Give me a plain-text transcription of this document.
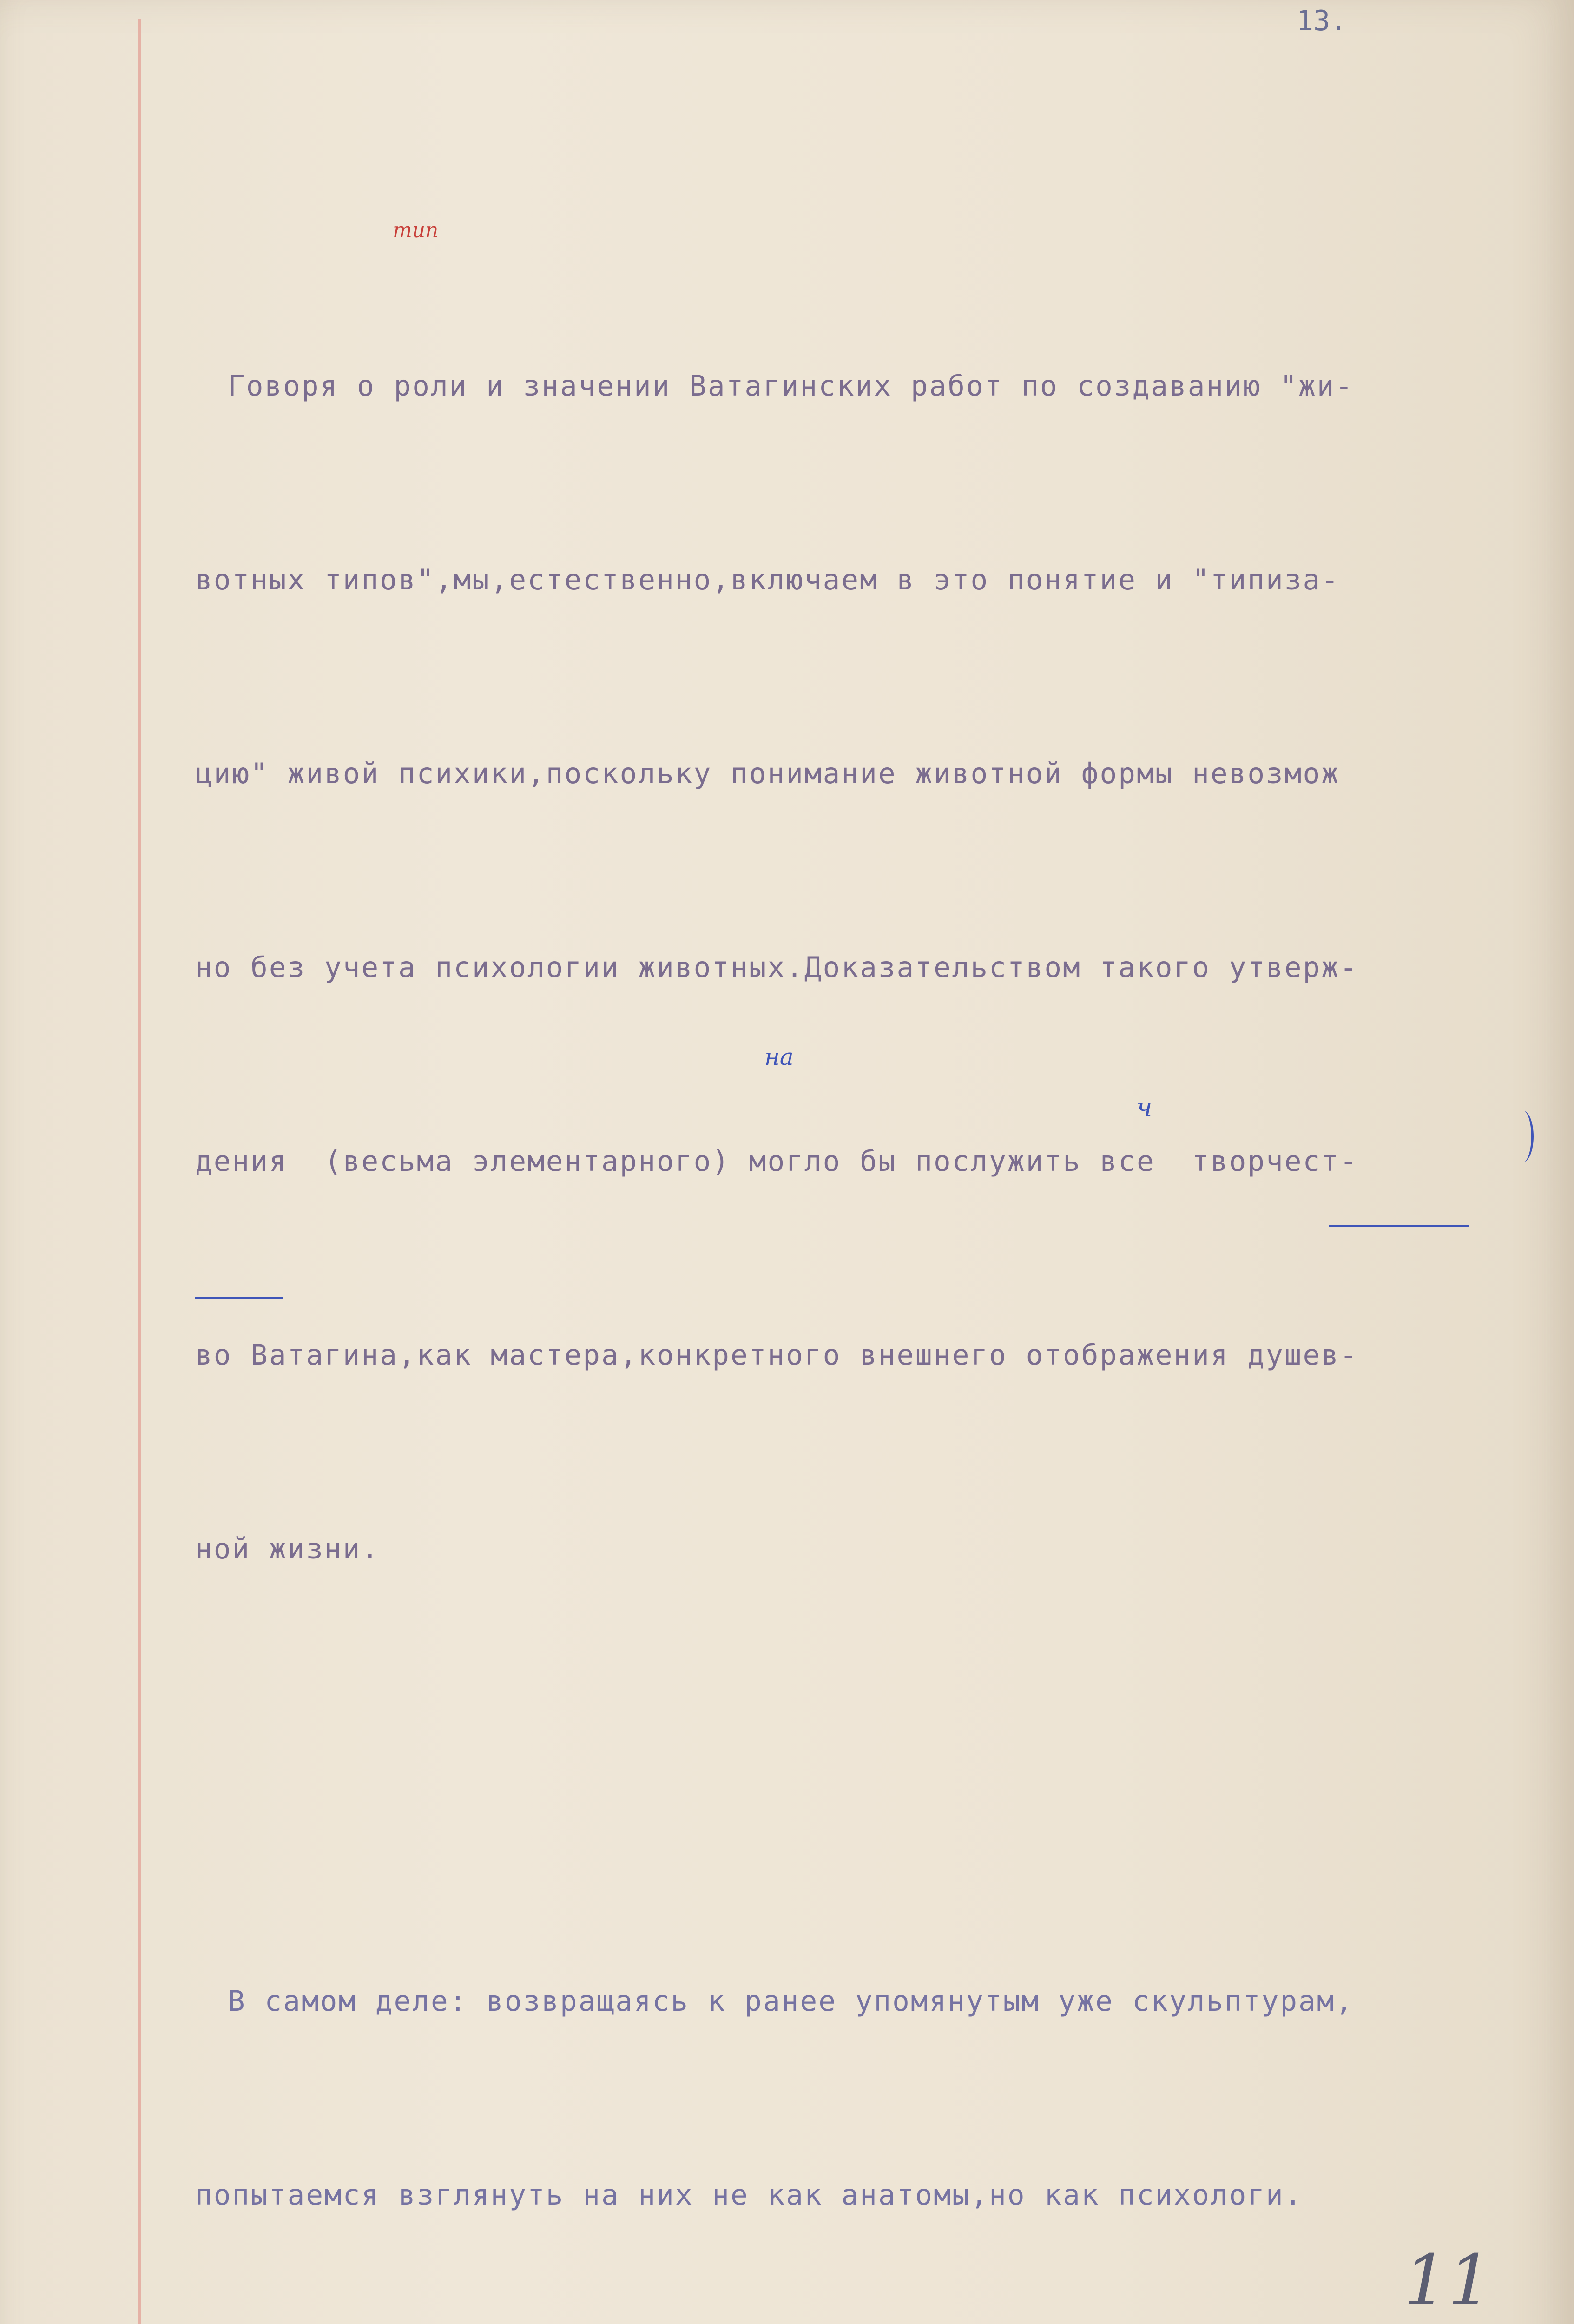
13.

Говоря о роли и значении Ватагинских работ по создаванию "жи-

вотных типов",мы,естественно,включаем в это понятие и "типиза-

цию" живой психики,поскольку понимание животной формы невозмож

но без учета психологии животных.Доказательством такого утверж-

дения  (весьма элементарного) могло бы послужить все  творчест-

во Ватагина,как мастера,конкретного внешнего отображения душев-

ной жизни.

В самом деле: возвращаясь к ранее упомянутым уже скульптурам,

попытаемся взглянуть на них не как анатомы,но как психологи.

тип
на
ч
11
